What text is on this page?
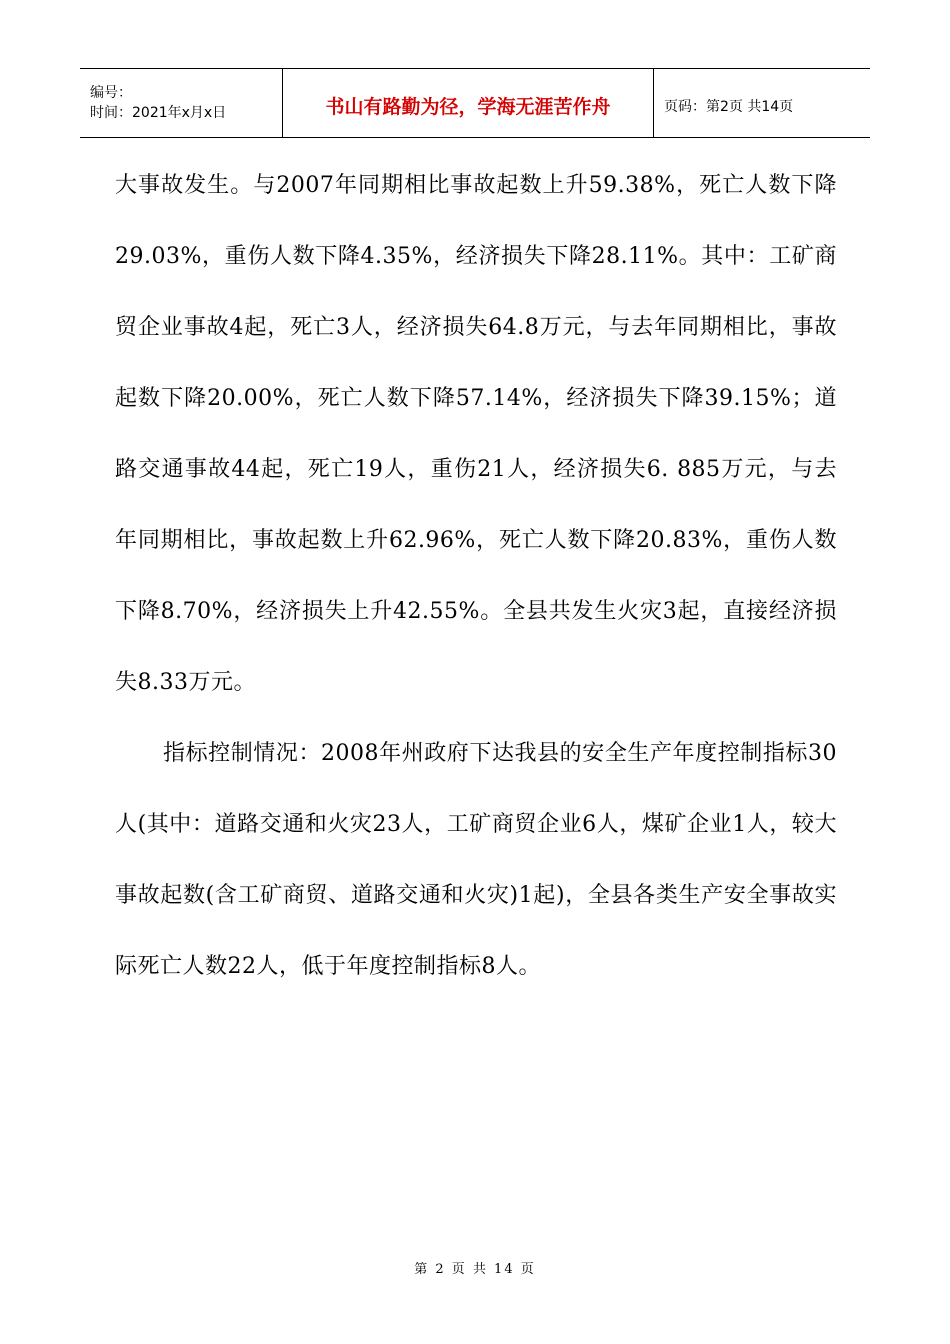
编号：
时间：2021年x月x日	书山有路勤为径，学海无涯苦作舟	页码：第2页 共14页

大事故发生。与2007年同期相比事故起数上升59.38%，死亡人数下降29.03%，重伤人数下降4.35%，经济损失下降28.11%。其中：工矿商贸企业事故4起，死亡3人，经济损失64.8万元，与去年同期相比，事故起数下降20.00%，死亡人数下降57.14%，经济损失下降39.15%；道路交通事故44起，死亡19人，重伤21人，经济损失6. 885万元，与去年同期相比，事故起数上升62.96%，死亡人数下降20.83%，重伤人数下降8.70%，经济损失上升42.55%。全县共发生火灾3起，直接经济损失8.33万元。

指标控制情况：2008年州政府下达我县的安全生产年度控制指标30人(其中：道路交通和火灾23人，工矿商贸企业6人，煤矿企业1人，较大事故起数(含工矿商贸、道路交通和火灾)1起)，全县各类生产安全事故实际死亡人数22人，低于年度控制指标8人。

第 2 页 共 14 页
